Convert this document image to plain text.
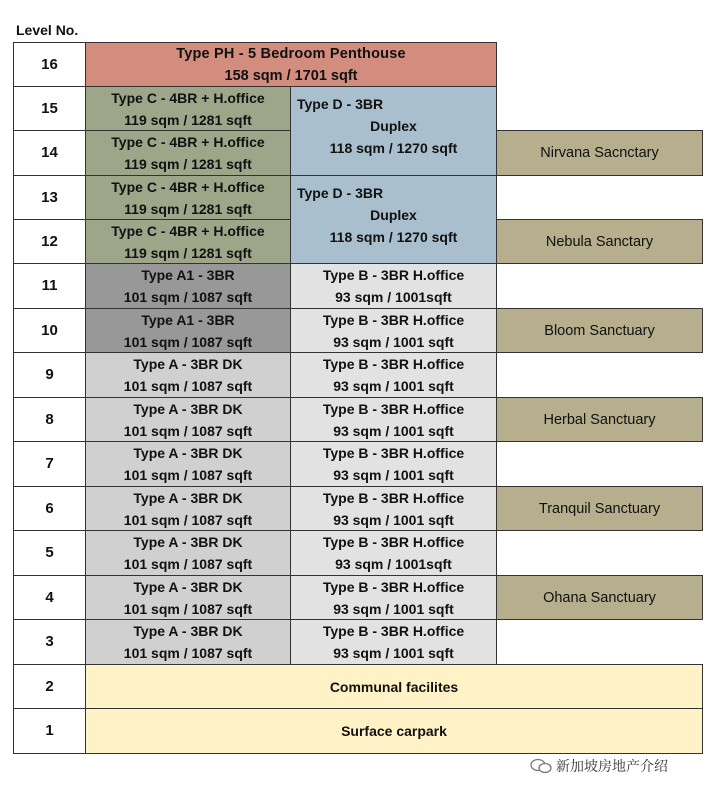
Level No.
16
15
14
13
12
11
10
9
8
7
6
5
4
3
2
1
Type PH - 5 Bedroom Penthouse
158 sqm / 1701 sqft
Type C - 4BR + H.office
119 sqm / 1281 sqft
Type C - 4BR + H.office
119 sqm / 1281 sqft
Type C - 4BR + H.office
119 sqm / 1281 sqft
Type C - 4BR + H.office
119 sqm / 1281 sqft
Type A1 - 3BR
101 sqm / 1087 sqft
Type A1 - 3BR
101 sqm / 1087 sqft
Type A - 3BR DK
101 sqm / 1087 sqft
Type A - 3BR DK
101 sqm / 1087 sqft
Type A - 3BR DK
101 sqm / 1087 sqft
Type A - 3BR DK
101 sqm / 1087 sqft
Type A - 3BR DK
101 sqm / 1087 sqft
Type A - 3BR DK
101 sqm / 1087 sqft
Type A - 3BR DK
101 sqm / 1087 sqft
Type D - 3BR
Duplex
118 sqm / 1270 sqft
Type D - 3BR
Duplex
118 sqm / 1270 sqft
Type B - 3BR H.office
93 sqm / 1001sqft
Type B - 3BR H.office
93 sqm / 1001 sqft
Type B - 3BR H.office
93 sqm / 1001 sqft
Type B - 3BR H.office
93 sqm / 1001 sqft
Type B - 3BR H.office
93 sqm / 1001 sqft
Type B - 3BR H.office
93 sqm / 1001 sqft
Type B - 3BR H.office
93 sqm / 1001sqft
Type B - 3BR H.office
93 sqm / 1001 sqft
Type B - 3BR H.office
93 sqm / 1001 sqft
Nirvana Sacnctary
Nebula Sanctary
Bloom Sanctuary
Herbal Sanctuary
Tranquil Sanctuary
Ohana Sanctuary
Communal facilites
Surface carpark
新加坡房地产介绍
